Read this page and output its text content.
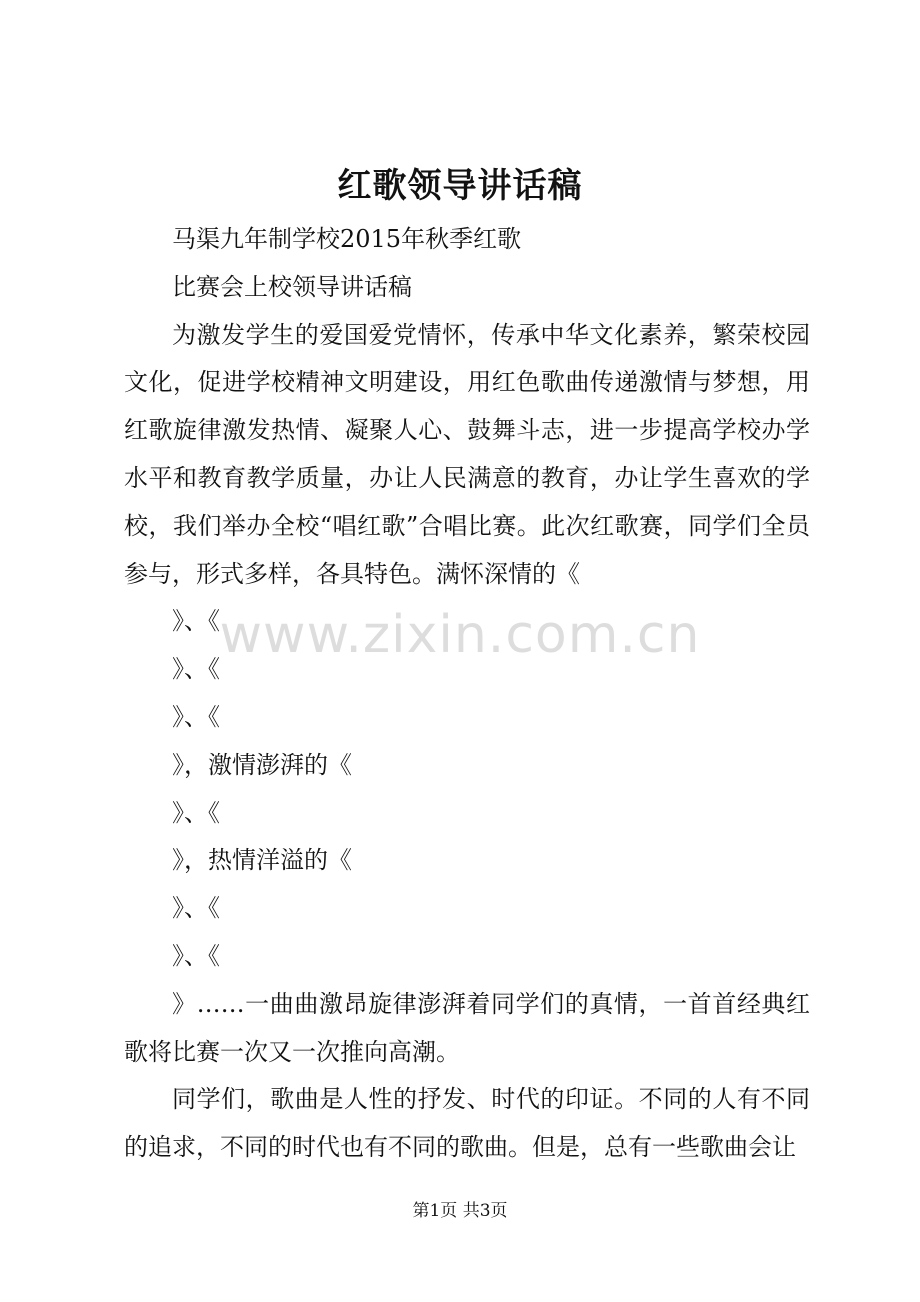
红歌领导讲话稿

马渠九年制学校2015年秋季红歌

比赛会上校领导讲话稿

为激发学生的爱国爱党情怀，传承中华文化素养，繁荣校园文化，促进学校精神文明建设，用红色歌曲传递激情与梦想，用红歌旋律激发热情、凝聚人心、鼓舞斗志，进一步提高学校办学水平和教育教学质量，办让人民满意的教育，办让学生喜欢的学校，我们举办全校“唱红歌”合唱比赛。此次红歌赛，同学们全员参与，形式多样，各具特色。满怀深情的《

》、《

》、《

》、《

》，激情澎湃的《

》、《

》，热情洋溢的《

》、《

》、《

》……一曲曲激昂旋律澎湃着同学们的真情，一首首经典红歌将比赛一次又一次推向高潮。

同学们，歌曲是人性的抒发、时代的印证。不同的人有不同的追求，不同的时代也有不同的歌曲。但是，总有一些歌曲会让

www.zixin.com.cn
第1页 共3页
